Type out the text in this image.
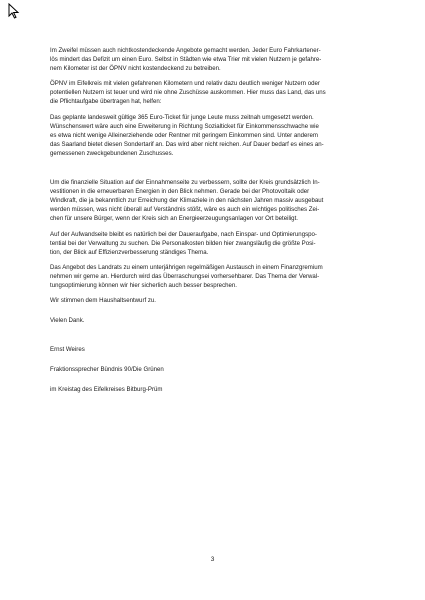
Im Zweifel müssen auch nichtkostendeckende Angebote gemacht werden. Jeder Euro Fahrkartener-
lös mindert das Defizit um einen Euro. Selbst in Städten wie etwa Trier mit vielen Nutzern je gefahre-
nem Kilometer ist der ÖPNV nicht kostendeckend zu betreiben.

ÖPNV im Eifelkreis mit vielen gefahrenen Kilometern und relativ dazu deutlich weniger Nutzern oder
potentiellen Nutzern ist teuer und wird nie ohne Zuschüsse auskommen. Hier muss das Land, das uns
die Pflichtaufgabe übertragen hat, helfen:

Das geplante landesweit gültige 365 Euro-Ticket für junge Leute muss zeitnah umgesetzt werden.
Wünschenswert wäre auch eine Erweiterung in Richtung Sozialticket für Einkommensschwache wie
es etwa nicht wenige Alleinerziehende oder Rentner mit geringem Einkommen sind. Unter anderem
das Saarland bietet diesen Sondertarif an. Das wird aber nicht reichen. Auf Dauer bedarf es eines an-
gemessenen zweckgebundenen Zuschusses.

Um die finanzielle Situation auf der Einnahmenseite zu verbessern, sollte der Kreis grundsätzlich In-
vestitionen in die erneuerbaren Energien in den Blick nehmen. Gerade bei der Photovoltaik oder
Windkraft, die ja bekanntlich zur Erreichung der Klimaziele in den nächsten Jahren massiv ausgebaut
werden müssen, was nicht überall auf Verständnis stößt, wäre es auch ein wichtiges politisches Zei-
chen für unsere Bürger, wenn der Kreis sich an Energieerzeugungsanlagen vor Ort beteiligt.

Auf der Aufwandseite bleibt es natürlich bei der Daueraufgabe, nach Einspar- und Optimierungspo-
tential bei der Verwaltung zu suchen. Die Personalkosten bilden hier zwangsläufig die größte Posi-
tion, der Blick auf Effizienzverbesserung ständiges Thema.

Das Angebot des Landrats zu einem unterjährigen regelmäßigen Austausch in einem Finanzgremium
nehmen wir gerne an. Hierdurch wird das Überraschungsei vorhersehbarer. Das Thema der Verwal-
tungsoptimierung können wir hier sicherlich auch besser besprechen.

Wir stimmen dem Haushaltsentwurf zu.

Vielen Dank.

Ernst Weires

Fraktionssprecher Bündnis 90/Die Grünen

im Kreistag des Eifelkreises Bitburg-Prüm

3
